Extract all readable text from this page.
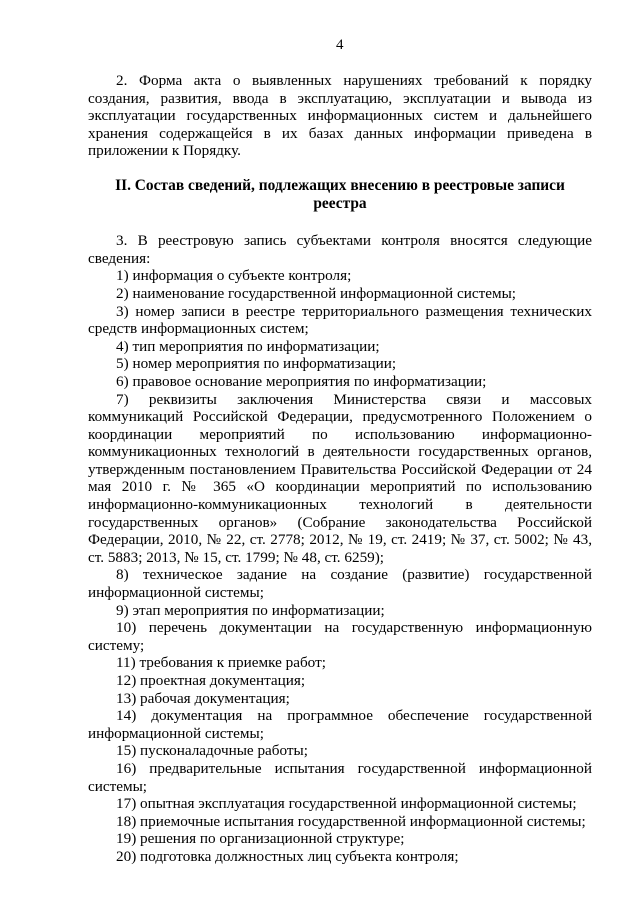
4

2. Форма акта о выявленных нарушениях требований к порядку создания, развития, ввода в эксплуатацию, эксплуатации и вывода из эксплуатации государственных информационных систем и дальнейшего хранения содержащейся в их базах данных информации приведена в приложении к Порядку.

II. Состав сведений, подлежащих внесению в реестровые записи реестра

3. В реестровую запись субъектами контроля вносятся следующие сведения:

1) информация о субъекте контроля;

2) наименование государственной информационной системы;

3) номер записи в реестре территориального размещения технических средств информационных систем;

4) тип мероприятия по информатизации;

5) номер мероприятия по информатизации;

6) правовое основание мероприятия по информатизации;

7) реквизиты заключения Министерства связи и массовых коммуникаций Российской Федерации, предусмотренного Положением о координации мероприятий по использованию информационно-коммуникационных технологий в деятельности государственных органов, утвержденным постановлением Правительства Российской Федерации от 24 мая 2010 г. № 365 «О координации мероприятий по использованию информационно-коммуникационных технологий в деятельности государственных органов» (Собрание законодательства Российской Федерации, 2010, № 22, ст. 2778; 2012, № 19, ст. 2419; № 37, ст. 5002; № 43, ст. 5883; 2013, № 15, ст. 1799; № 48, ст. 6259);

8) техническое задание на создание (развитие) государственной информационной системы;

9) этап мероприятия по информатизации;

10) перечень документации на государственную информационную систему;

11) требования к приемке работ;

12) проектная документация;

13) рабочая документация;

14) документация на программное обеспечение государственной информационной системы;

15) пусконаладочные работы;

16) предварительные испытания государственной информационной системы;

17) опытная эксплуатация государственной информационной системы;

18) приемочные испытания государственной информационной системы;

19) решения по организационной структуре;

20) подготовка должностных лиц субъекта контроля;
